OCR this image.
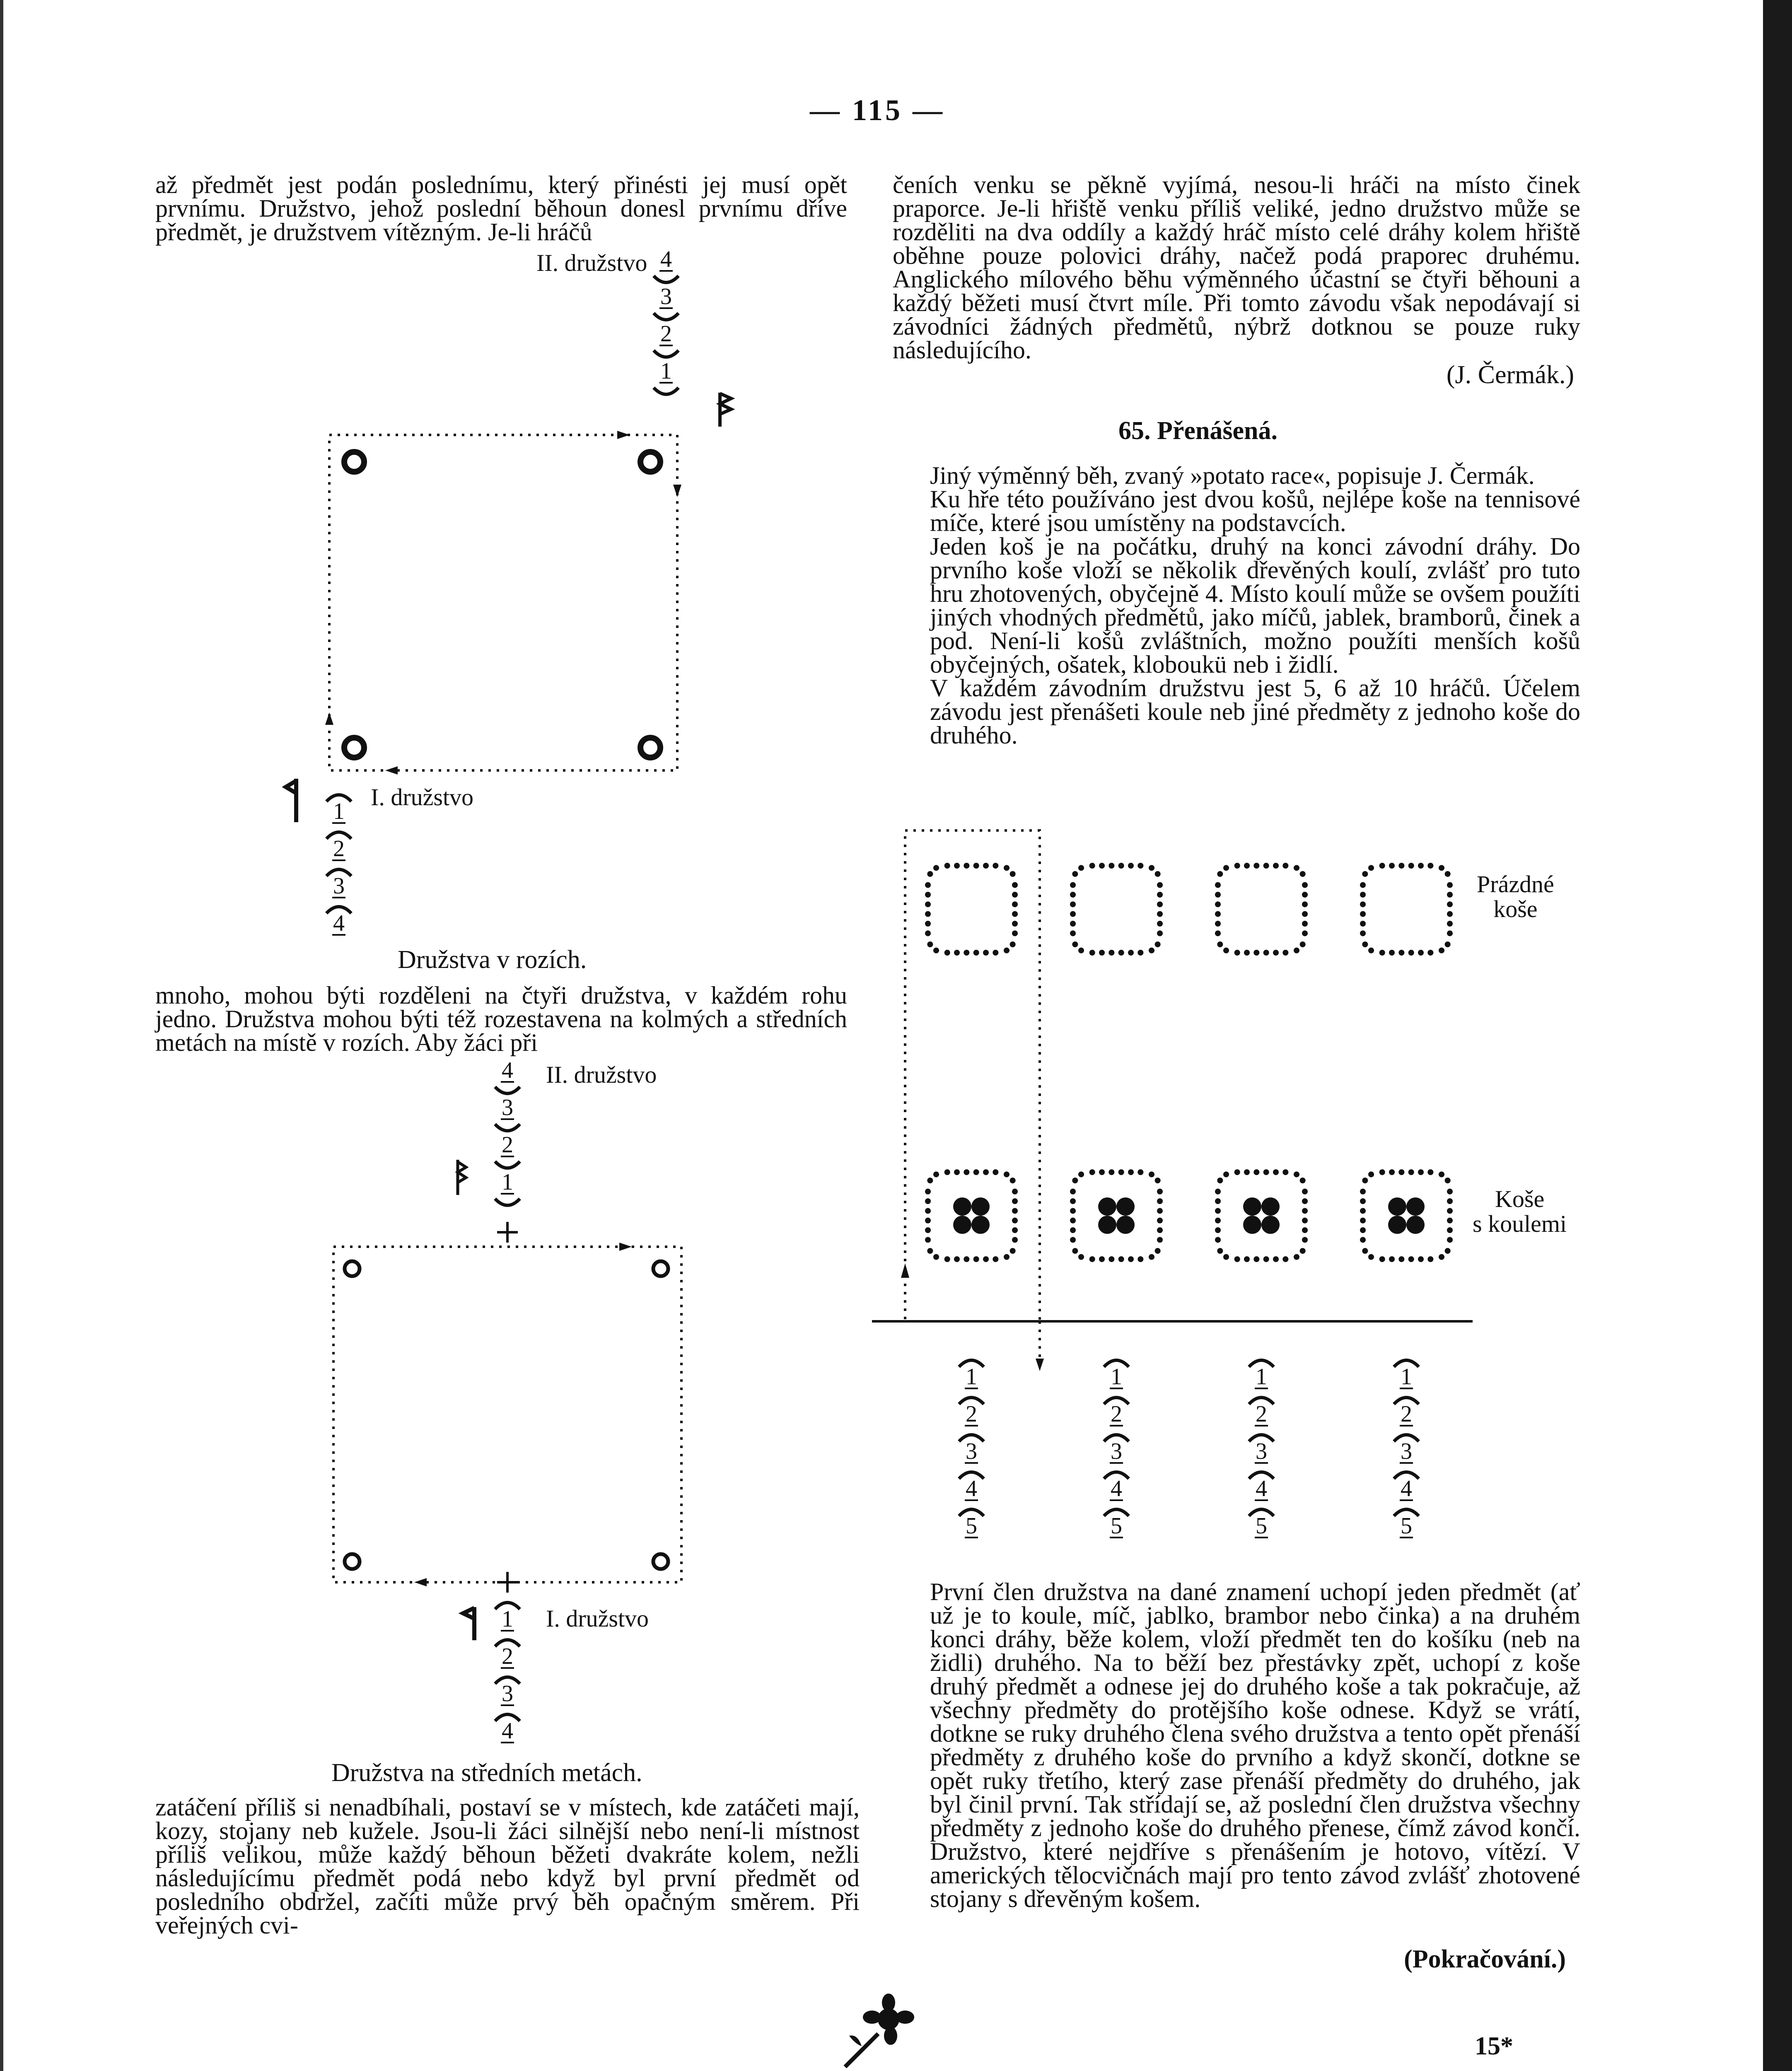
— 115 —

až předmět jest podán poslednímu, který přinésti jej musí opět prvnímu. Družstvo, jehož poslední běhoun donesl prvnímu dříve předmět, je družstvem vítězným. Je-li hráčů

II. družstvo
I. družstvo
4
3
2
1
1
2
3
4
Družstva v rozích.

mnoho, mohou býti rozděleni na čtyři družstva, v každém rohu jedno. Družstva mohou býti též rozestavena na kolmých a středních metách na místě v rozích. Aby žáci při

II. družstvo
I. družstvo
4
3
2
1
1
2
3
4
Družstva na středních metách.

zatáčení příliš si nenadbíhali, postaví se v místech, kde zatáčeti mají, kozy, stojany neb kužele. Jsou-li žáci silnější nebo není-li místnost příliš velikou, může každý běhoun běžeti dvakráte kolem, nežli následujícímu předmět podá nebo když byl první předmět od posledního obdržel, začíti může prvý běh opačným směrem. Při veřejných cvi-

čeních venku se pěkně vyjímá, nesou-li hráči na místo činek praporce. Je-li hřiště venku příliš veliké, jedno družstvo může se rozděliti na dva oddíly a každý hráč místo celé dráhy kolem hřiště oběhne pouze polovici dráhy, načež podá praporec druhému. Anglického mílového běhu výměnného účastní se čtyři běhouni a každý běžeti musí čtvrt míle. Při tomto závodu však nepodávají si závodníci žádných předmětů, nýbrž dotknou se pouze ruky následujícího.

(J. Čermák.)
65. Přenášená.
Jiný výměnný běh, zvaný »potato race«, popisuje J. Čermák.
Ku hře této používáno jest dvou košů, nejlépe koše na tennisové míče, které jsou umístěny na podstavcích.
Jeden koš je na počátku, druhý na konci závodní dráhy. Do prvního koše vloží se několik dřevěných koulí, zvlášť pro tuto hru zhotovených, obyčejně 4. Místo koulí může se ovšem použíti jiných vhodných předmětů, jako míčů, jablek, bramborů, činek a pod. Není-li košů zvláštních, možno použíti menších košů obyčejných, ošatek, kloboukü neb i židlí.
V každém závodním družstvu jest 5, 6 až 10 hráčů. Účelem závodu jest přenášeti koule neb jiné předměty z jednoho koše do druhého.
Prázdné
koše
Koše
s koulemi
1
2
3
4
5
1
2
3
4
5
1
2
3
4
5
1
2
3
4
5

První člen družstva na dané znamení uchopí jeden předmět (ať už je to koule, míč, jablko, brambor nebo činka) a na druhém konci dráhy, běže kolem, vloží předmět ten do košíku (neb na židli) druhého. Na to běží bez přestávky zpět, uchopí z koše druhý předmět a odnese jej do druhého koše a tak pokračuje, až všechny předměty do protějšího koše odnese. Když se vrátí, dotkne se ruky druhého člena svého družstva a tento opět přenáší předměty z druhého koše do prvního a když skončí, dotkne se opět ruky třetího, který zase přenáší předměty do druhého, jak byl činil první. Tak střídají se, až poslední člen družstva všechny předměty z jednoho koše do druhého přenese, čímž závod končí. Družstvo, které nejdříve s přenášením je hotovo, vítězí. V amerických tělocvičnách mají pro tento závod zvlášť zhotovené stojany s dřevěným košem.

(Pokračování.)
15*
